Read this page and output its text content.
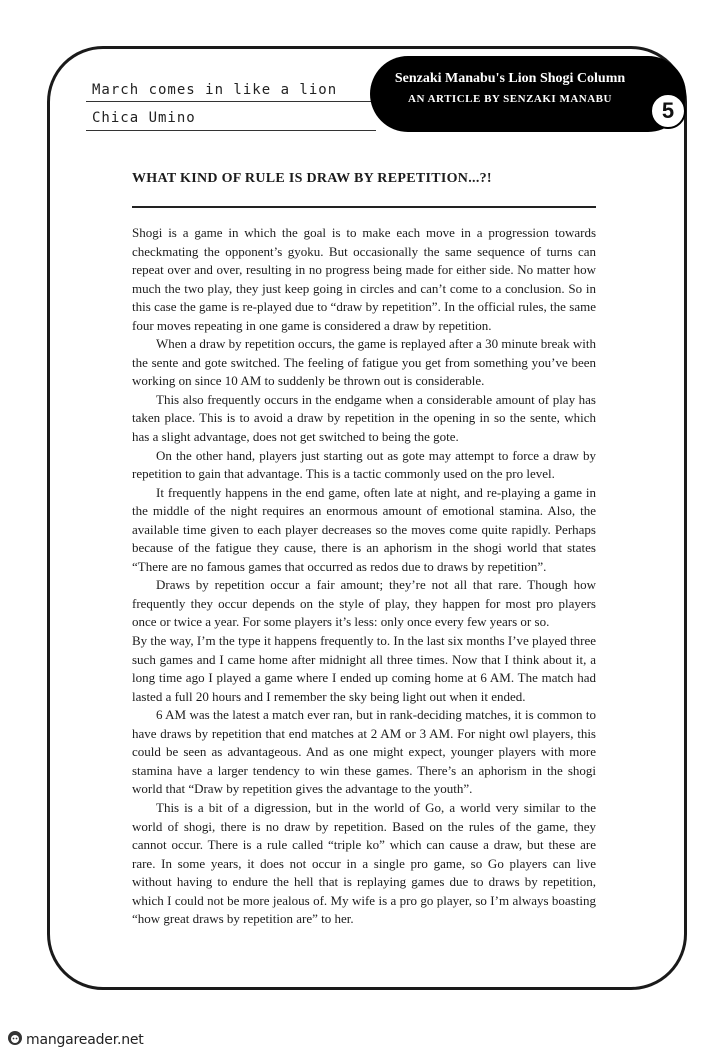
March comes in like a lion
Chica Umino
Senzaki Manabu's Lion Shogi Column
AN ARTICLE BY SENZAKI MANABU	5
WHAT KIND OF RULE IS DRAW BY REPETITION...?!

Shogi is a game in which the goal is to make each move in a progression towards checkmating the opponent’s gyoku. But occasionally the same sequence of turns can repeat over and over, resulting in no progress being made for either side. No matter how much the two play, they just keep going in circles and can’t come to a conclusion. So in this case the game is re-played due to “draw by repetition”. In the official rules, the same four moves repeating in one game is considered a draw by repetition.

When a draw by repetition occurs, the game is replayed after a 30 minute break with the sente and gote switched. The feeling of fatigue you get from something you’ve been working on since 10 AM to suddenly be thrown out is considerable.

This also frequently occurs in the endgame when a considerable amount of play has taken place. This is to avoid a draw by repetition in the opening in so the sente, which has a slight advantage, does not get switched to being the gote.

On the other hand, players just starting out as gote may attempt to force a draw by repetition to gain that advantage. This is a tactic commonly used on the pro level.

It frequently happens in the end game, often late at night, and re-playing a game in the middle of the night requires an enormous amount of emotional stamina. Also, the available time given to each player decreases so the moves come quite rapidly. Perhaps because of the fatigue they cause, there is an aphorism in the shogi world that states “There are no famous games that occurred as redos due to draws by repetition”.

Draws by repetition occur a fair amount; they’re not all that rare. Though how frequently they occur depends on the style of play, they happen for most pro players once or twice a year. For some players it’s less: only once every few years or so.

By the way, I’m the type it happens frequently to. In the last six months I’ve played three such games and I came home after midnight all three times. Now that I think about it, a long time ago I played a game where I ended up coming home at 6 AM. The match had lasted a full 20 hours and I remember the sky being light out when it ended.

6 AM was the latest a match ever ran, but in rank-deciding matches, it is common to have draws by repetition that end matches at 2 AM or 3 AM. For night owl players, this could be seen as advantageous. And as one might expect, younger players with more stamina have a larger tendency to win these games. There’s an aphorism in the shogi world that “Draw by repetition gives the advantage to the youth”.

This is a bit of a digression, but in the world of Go, a world very similar to the world of shogi, there is no draw by repetition. Based on the rules of the game, they cannot occur. There is a rule called “triple ko” which can cause a draw, but these are rare. In some years, it does not occur in a single pro game, so Go players can live without having to endure the hell that is replaying games due to draws by repetition, which I could not be more jealous of. My wife is a pro go player, so I’m always boasting “how great draws by repetition are” to her.

mangareader.net
